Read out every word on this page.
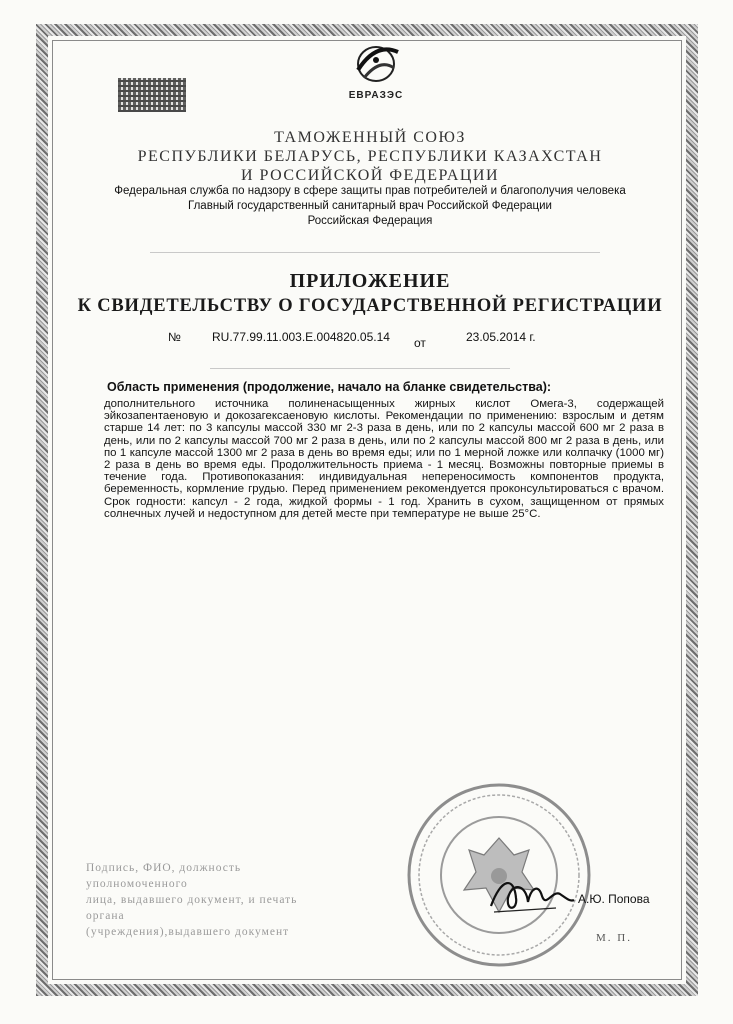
ЕВРАЗЭС
ТАМОЖЕННЫЙ СОЮЗ
РЕСПУБЛИКИ БЕЛАРУСЬ, РЕСПУБЛИКИ КАЗАХСТАН
И РОССИЙСКОЙ ФЕДЕРАЦИИ
Федеральная служба по надзору в сфере защиты прав потребителей и благополучия человека
Главный государственный санитарный врач Российской Федерации
Российская Федерация
ПРИЛОЖЕНИЕ
К СВИДЕТЕЛЬСТВУ О ГОСУДАРСТВЕННОЙ РЕГИСТРАЦИИ
№	RU.77.99.11.003.Е.004820.05.14 от	23.05.2014 г.
Область применения (продолжение, начало на бланке свидетельства):

дополнительного источника полиненасыщенных жирных кислот Омега-3, содержащей эйкозапентаеновую и докозагексаеновую кислоты. Рекомендации по применению: взрослым и детям старше 14 лет: по 3 капсулы массой 330 мг 2-3 раза в день, или по 2 капсулы массой 600 мг 2 раза в день, или по 2 капсулы массой 700 мг 2 раза в день, или по 2 капсулы массой 800 мг 2 раза в день, или по 1 капсуле массой 1300 мг 2 раза в день во время еды; или по 1 мерной ложке или колпачку (1000 мг) 2 раза в день во время еды. Продолжительность приема - 1 месяц. Возможны повторные приемы в течение года. Противопоказания: индивидуальная непереносимость компонентов продукта, беременность, кормление грудью. Перед применением рекомендуется проконсультироваться с врачом. Срок годности: капсул - 2 года, жидкой формы - 1 год. Хранить в сухом, защищенном от прямых солнечных лучей и недоступном для детей месте при температуре не выше 25°С.

Подпись, ФИО, должность уполномоченного
лица, выдавшего документ, и печать органа
(учреждения),выдавшего документ
А.Ю. Попова
М. П.
